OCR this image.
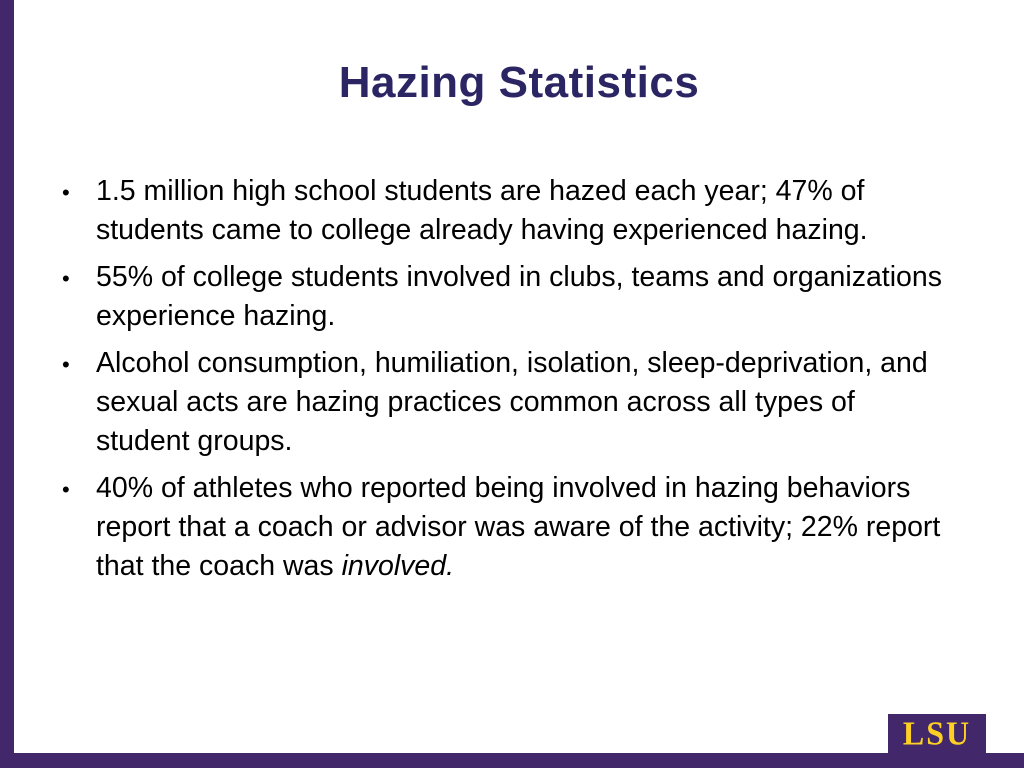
Hazing Statistics
• 1.5 million high school students are hazed each year; 47% of students came to college already having experienced hazing.
• 55% of college students involved in clubs, teams and organizations experience hazing.
• Alcohol consumption, humiliation, isolation, sleep-deprivation, and sexual acts are hazing practices common across all types of student groups.
• 40% of athletes who reported being involved in hazing behaviors report that a coach or advisor was aware of the activity; 22% report that the coach was involved.
LSU
